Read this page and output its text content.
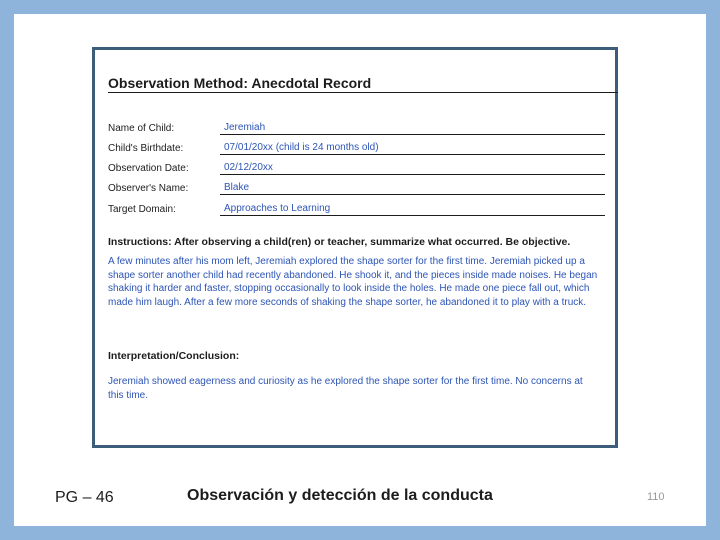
Observation Method: Anecdotal Record
Name of Child:	Jeremiah
Child's Birthdate:	07/01/20xx (child is 24 months old)
Observation Date:	02/12/20xx
Observer's Name:	Blake
Target Domain:	Approaches to Learning
Instructions: After observing a child(ren) or teacher, summarize what occurred. Be objective.
A few minutes after his mom left, Jeremiah explored the shape sorter for the first time. Jeremiah picked up a shape sorter another child had recently abandoned. He shook it, and the pieces inside made noises. He began shaking it harder and faster, stopping occasionally to look inside the holes. He made one piece fall out, which made him laugh. After a few more seconds of shaking the shape sorter, he abandoned it to play with a truck.
Interpretation/Conclusion:
Jeremiah showed eagerness and curiosity as he explored the shape sorter for the first time. No concerns at this time.
PG – 46	Observación y detección de la conducta	110
